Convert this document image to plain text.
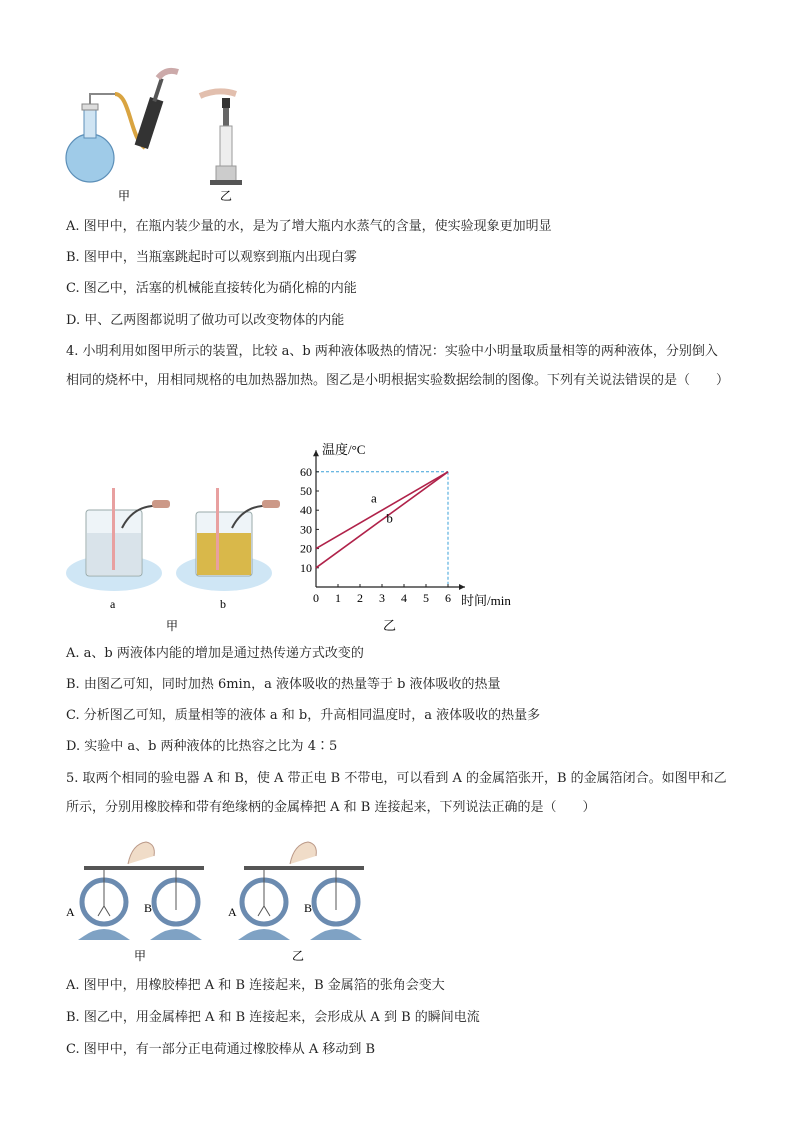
甲	乙
A. 图甲中，在瓶内装少量的水，是为了增大瓶内水蒸气的含量，使实验现象更加明显
B. 图甲中，当瓶塞跳起时可以观察到瓶内出现白雾
C. 图乙中，活塞的机械能直接转化为硝化棉的内能
D. 甲、乙两图都说明了做功可以改变物体的内能
4. 小明利用如图甲所示的装置，比较 a、b 两种液体吸热的情况：实验中小明量取质量相等的两种液体，分别倒入相同的烧杯中，用相同规格的电加热器加热。图乙是小明根据实验数据绘制的图像。下列有关说法错误的是（　　）
a	b
甲
0 1 2 3 4 5 6
10
20
30
40
50
60
温度/°C
时间/min
a
b
乙
A. a、b 两液体内能的增加是通过热传递方式改变的
B. 由图乙可知，同时加热 6min，a 液体吸收的热量等于 b 液体吸收的热量
C. 分析图乙可知，质量相等的液体 a 和 b，升高相同温度时，a 液体吸收的热量多
D. 实验中 a、b 两种液体的比热容之比为 4∶5
5. 取两个相同的验电器 A 和 B，使 A 带正电 B 不带电，可以看到 A 的金属箔张开，B 的金属箔闭合。如图甲和乙所示，分别用橡胶棒和带有绝缘柄的金属棒把 A 和 B 连接起来，下列说法正确的是（　　）
A	B
甲
A	B
乙
A. 图甲中，用橡胶棒把 A 和 B 连接起来，B 金属箔的张角会变大
B. 图乙中，用金属棒把 A 和 B 连接起来，会形成从 A 到 B 的瞬间电流
C. 图甲中，有一部分正电荷通过橡胶棒从 A 移动到 B
